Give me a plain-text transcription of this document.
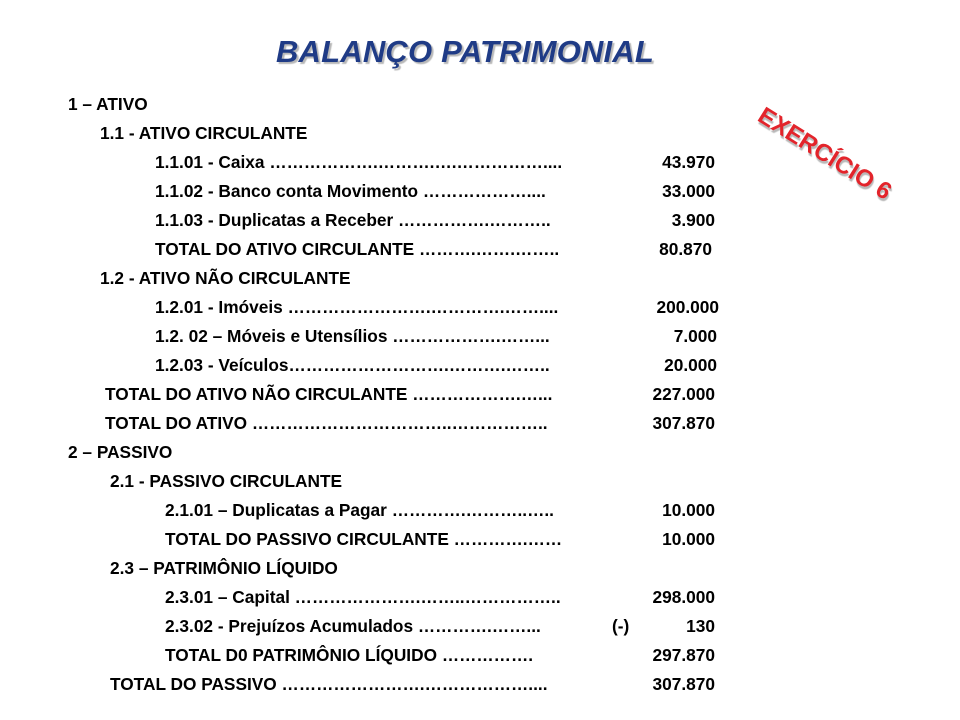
BALANÇO PATRIMONIAL
EXERCÍCIO 6
1 – ATIVO
1.1 - ATIVO CIRCULANTE
1.1.01 - Caixa ……………….……….….……………....	43.970
1.1.02 - Banco conta Movimento ………………....	33.000
1.1.03 - Duplicatas a Receber …………….………..	3.900
TOTAL DO ATIVO CIRCULANTE ……….…….……..	80.870
1.2 - ATIVO NÃO CIRCULANTE
1.2.01 - Imóveis …………………….………….……....	200.000
1.2. 02 – Móveis e Utensílios ……………….……...	7.000
1.2.03 - Veículos……………………….……….……..	20.000
TOTAL DO ATIVO NÃO CIRCULANTE ……………….…...	227.000
TOTAL DO ATIVO ……………………………..……………..	307.870
2 – PASSIVO
2.1 - PASSIVO CIRCULANTE
2.1.01 – Duplicatas a Pagar ………….………..…..	10.000
TOTAL DO PASSIVO CIRCULANTE ………….……	10.000
2.3 – PATRIMÔNIO LÍQUIDO
2.3.01 – Capital ………………….……..……………..	298.000
2.3.02 - Prejuízos Acumulados ………….……...	(-)	130
TOTAL D0 PATRIMÔNIO LÍQUIDO …………….	297.870
TOTAL DO PASSIVO …………………….………………....	307.870
